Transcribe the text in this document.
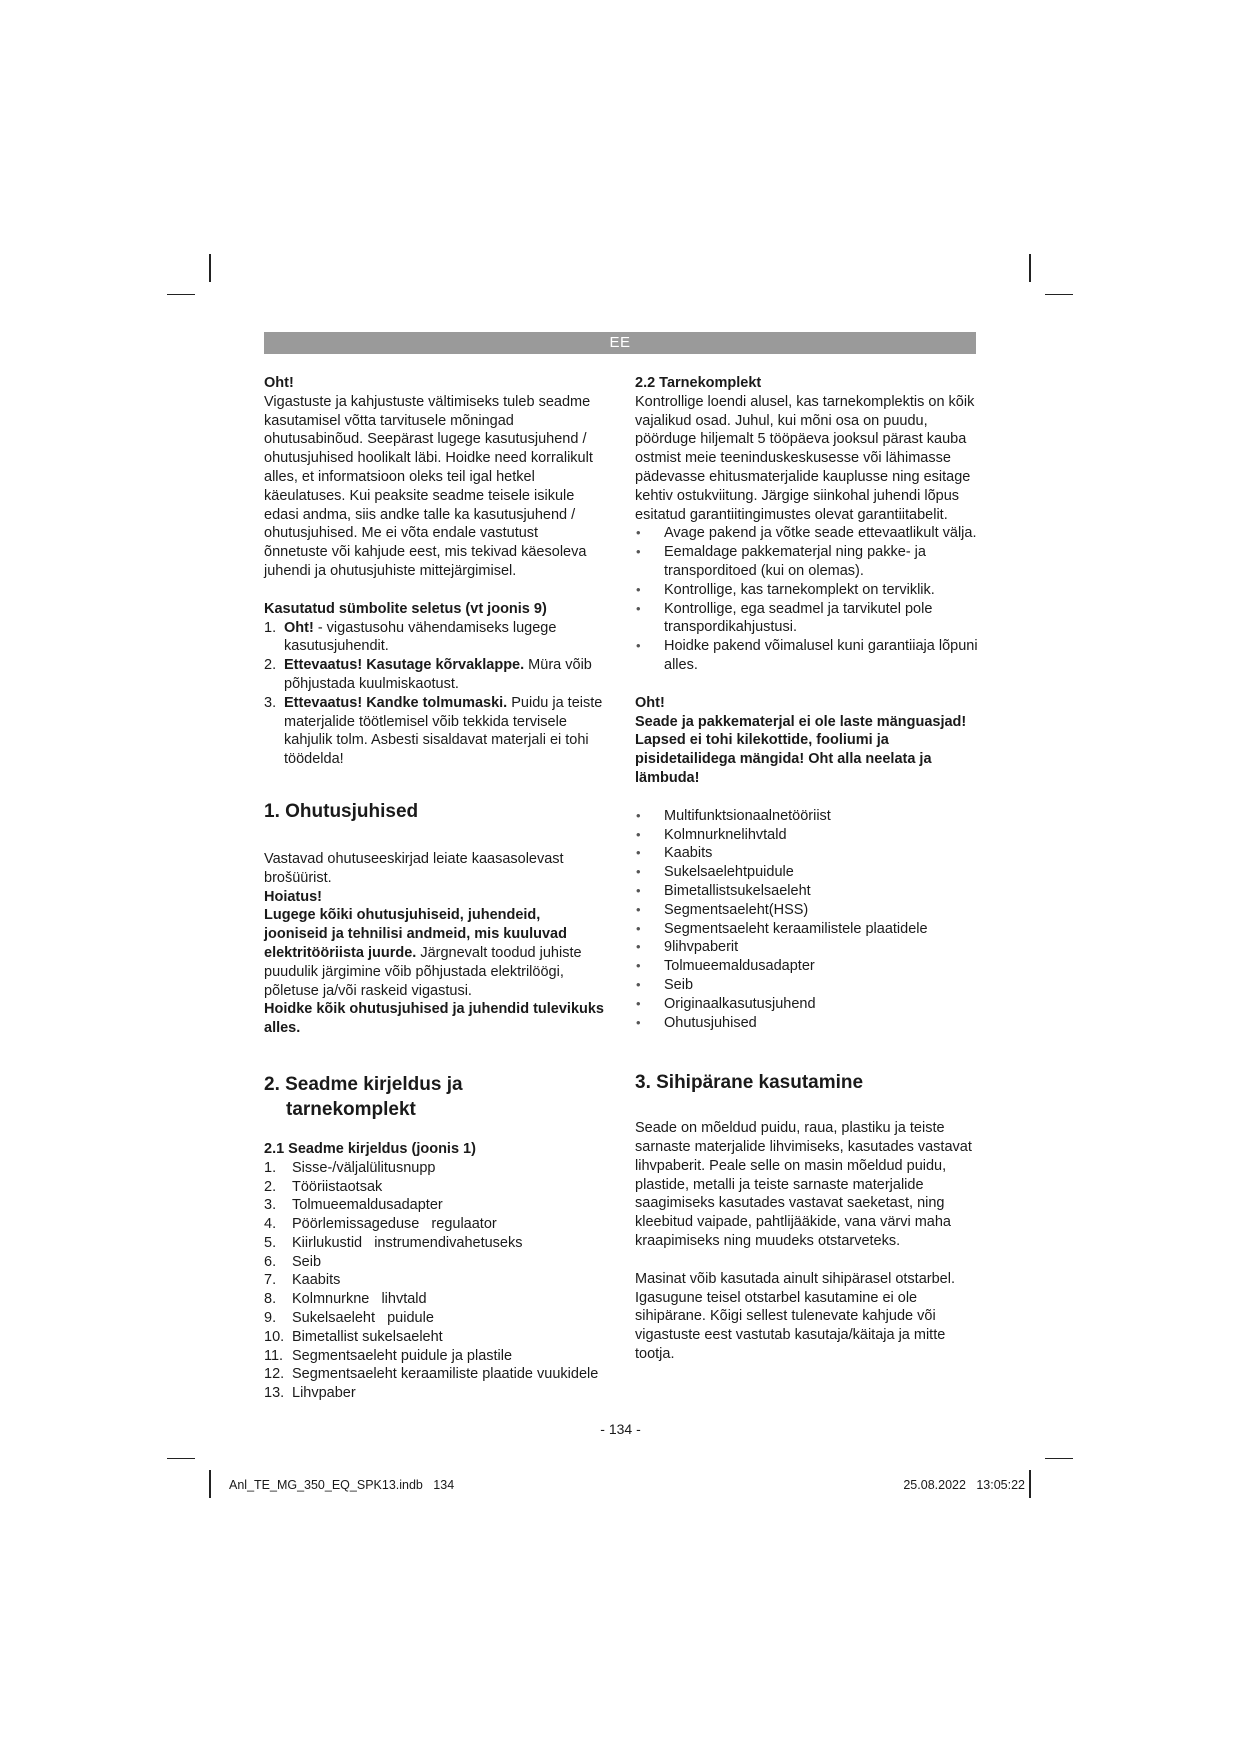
EE

Oht!

Vigastuste ja kahjustuste vältimiseks tuleb seadme kasutamisel võtta tarvitusele mõningad ohutusabinõud. Seepärast lugege kasutusjuhend / ohutusjuhised hoolikalt läbi. Hoidke need korralikult alles, et informatsioon oleks teil igal hetkel käeulatuses. Kui peaksite seadme teisele isikule edasi andma, siis andke talle ka kasutusjuhend / ohutusjuhised. Me ei võta endale vastutust õnnetuste või kahjude eest, mis tekivad käesoleva juhendi ja ohutusjuhiste mittejärgimisel.

Kasutatud sümbolite seletus (vt joonis 9)

1. Oht! - vigastusohu vähendamiseks lugege kasutusjuhendit.
2. Ettevaatus! Kasutage kõrvaklappe. Müra võib põhjustada kuulmiskaotust.
3. Ettevaatus! Kandke tolmumaski. Puidu ja teiste materjalide töötlemisel võib tekkida tervisele kahjulik tolm. Asbesti sisaldavat materjali ei tohi töödelda!

1. Ohutusjuhised

Vastavad ohutuseeskirjad leiate kaasasolevast brošüürist.

Hoiatus!

Lugege kõiki ohutusjuhiseid, juhendeid, jooniseid ja tehnilisi andmeid, mis kuuluvad elektritööriista juurde. Järgnevalt toodud juhiste puudulik järgimine võib põhjustada elektrilöögi, põletuse ja/või raskeid vigastusi.

Hoidke kõik ohutusjuhised ja juhendid tulevikuks alles.

2. Seadme kirjeldus ja

tarnekomplekt

2.1 Seadme kirjeldus (joonis 1)

1.	Sisse-/väljalülitusnupp
2.	Tööriistaotsak
3.	Tolmueemaldusadapter
4.	Pöörlemissageduse   regulaator
5.	Kiirlukustid   instrumendivahetuseks
6.	Seib
7.	Kaabits
8.	Kolmnurkne   lihvtald
9.	Sukelsaeleht   puidule
10. Bimetallist sukelsaeleht
11. Segmentsaeleht puidule ja plastile
12. Segmentsaeleht keraamiliste plaatide vuukidele
13. Lihvpaber

2.2 Tarnekomplekt

Kontrollige loendi alusel, kas tarnekomplektis on kõik vajalikud osad. Juhul, kui mõni osa on puudu, pöörduge hiljemalt 5 tööpäeva jooksul pärast kauba ostmist meie teeninduskeskusesse või lähimasse pädevasse ehitusmaterjalide kauplusse ning esitage kehtiv ostukviitung. Järgige siinkohal juhendi lõpus esitatud garantiitingimustes olevat garantiitabelit.

•	Avage pakend ja võtke seade ettevaatlikult välja.
•	Eemaldage pakkematerjal ning pakke- ja transporditoed (kui on olemas).
•	Kontrollige, kas tarnekomplekt on terviklik.
•	Kontrollige, ega seadmel ja tarvikutel pole transpordikahjustusi.
•	Hoidke pakend võimalusel kuni garantiiaja lõpuni alles.

Oht!

Seade ja pakkematerjal ei ole laste mänguasjad! Lapsed ei tohi kilekottide, fooliumi ja pisidetailidega mängida! Oht alla neelata ja lämbuda!

•	Multifunktsionaalnetööriist
•	Kolmnurknelihvtald
•	Kaabits
•	Sukelsaelehtpuidule
•	Bimetallistsukelsaeleht
•	Segmentsaeleht(HSS)
•	Segmentsaeleht keraamilistele plaatidele
•	9lihvpaberit
•	Tolmueemaldusadapter
•	Seib
•	Originaalkasutusjuhend
•	Ohutusjuhised

3. Sihipärane kasutamine

Seade on mõeldud puidu, raua, plastiku ja teiste sarnaste materjalide lihvimiseks, kasutades vastavat lihvpaberit. Peale selle on masin mõeldud puidu, plastide, metalli ja teiste sarnaste materjalide saagimiseks kasutades vastavat saeketast, ning kleebitud vaipade, pahtlijääkide, vana värvi maha kraapimiseks ning muudeks otstarveteks.

Masinat võib kasutada ainult sihipärasel otstarbel. Igasugune teisel otstarbel kasutamine ei ole sihipärane. Kõigi sellest tulenevate kahjude või vigastuste eest vastutab kasutaja/käitaja ja mitte tootja.

- 134 -
Anl_TE_MG_350_EQ_SPK13.indb   134	25.08.2022   13:05:22
